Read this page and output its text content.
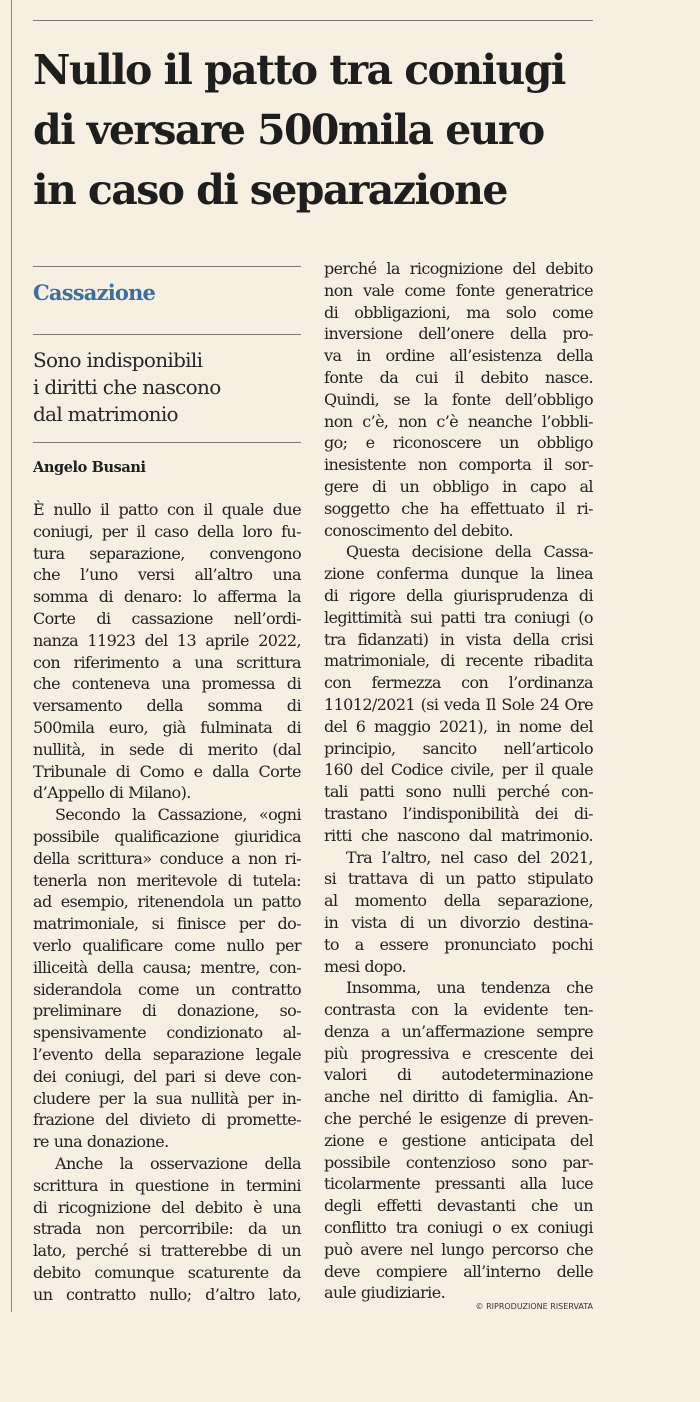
Nullo il patto tra coniugi
di versare 500mila euro
in caso di separazione
Cassazione
Sono indisponibili
i diritti che nascono
dal matrimonio
Angelo Busani
È nullo il patto con il quale due
coniugi, per il caso della loro fu-
tura separazione, convengono
che l’uno versi all’altro una
somma di denaro: lo afferma la
Corte di cassazione nell’ordi-
nanza 11923 del 13 aprile 2022,
con riferimento a una scrittura
che conteneva una promessa di
versamento della somma di
500mila euro, già fulminata di
nullità, in sede di merito (dal
Tribunale di Como e dalla Corte
d’Appello di Milano).
Secondo la Cassazione, «ogni
possibile qualificazione giuridica
della scrittura» conduce a non ri-
tenerla non meritevole di tutela:
ad esempio, ritenendola un patto
matrimoniale, si finisce per do-
verlo qualificare come nullo per
illiceità della causa; mentre, con-
siderandola come un contratto
preliminare di donazione, so-
spensivamente condizionato al-
l’evento della separazione legale
dei coniugi, del pari si deve con-
cludere per la sua nullità per in-
frazione del divieto di promette-
re una donazione.
Anche la osservazione della
scrittura in questione in termini
di ricognizione del debito è una
strada non percorribile: da un
lato, perché si tratterebbe di un
debito comunque scaturente da
un contratto nullo; d’altro lato,
perché la ricognizione del debito
non vale come fonte generatrice
di obbligazioni, ma solo come
inversione dell’onere della pro-
va in ordine all’esistenza della
fonte da cui il debito nasce.
Quindi, se la fonte dell’obbligo
non c’è, non c’è neanche l’obbli-
go; e riconoscere un obbligo
inesistente non comporta il sor-
gere di un obbligo in capo al
soggetto che ha effettuato il ri-
conoscimento del debito.
Questa decisione della Cassa-
zione conferma dunque la linea
di rigore della giurisprudenza di
legittimità sui patti tra coniugi (o
tra fidanzati) in vista della crisi
matrimoniale, di recente ribadita
con fermezza con l’ordinanza
11012/2021 (si veda Il Sole 24 Ore
del 6 maggio 2021), in nome del
principio, sancito nell’articolo
160 del Codice civile, per il quale
tali patti sono nulli perché con-
trastano l’indisponibilità dei di-
ritti che nascono dal matrimonio.
Tra l’altro, nel caso del 2021,
si trattava di un patto stipulato
al momento della separazione,
in vista di un divorzio destina-
to a essere pronunciato pochi
mesi dopo.
Insomma, una tendenza che
contrasta con la evidente ten-
denza a un’affermazione sempre
più progressiva e crescente dei
valori di autodeterminazione
anche nel diritto di famiglia. An-
che perché le esigenze di preven-
zione e gestione anticipata del
possibile contenzioso sono par-
ticolarmente pressanti alla luce
degli effetti devastanti che un
conflitto tra coniugi o ex coniugi
può avere nel lungo percorso che
deve compiere all’interno delle
aule giudiziarie.
© RIPRODUZIONE RISERVATA
